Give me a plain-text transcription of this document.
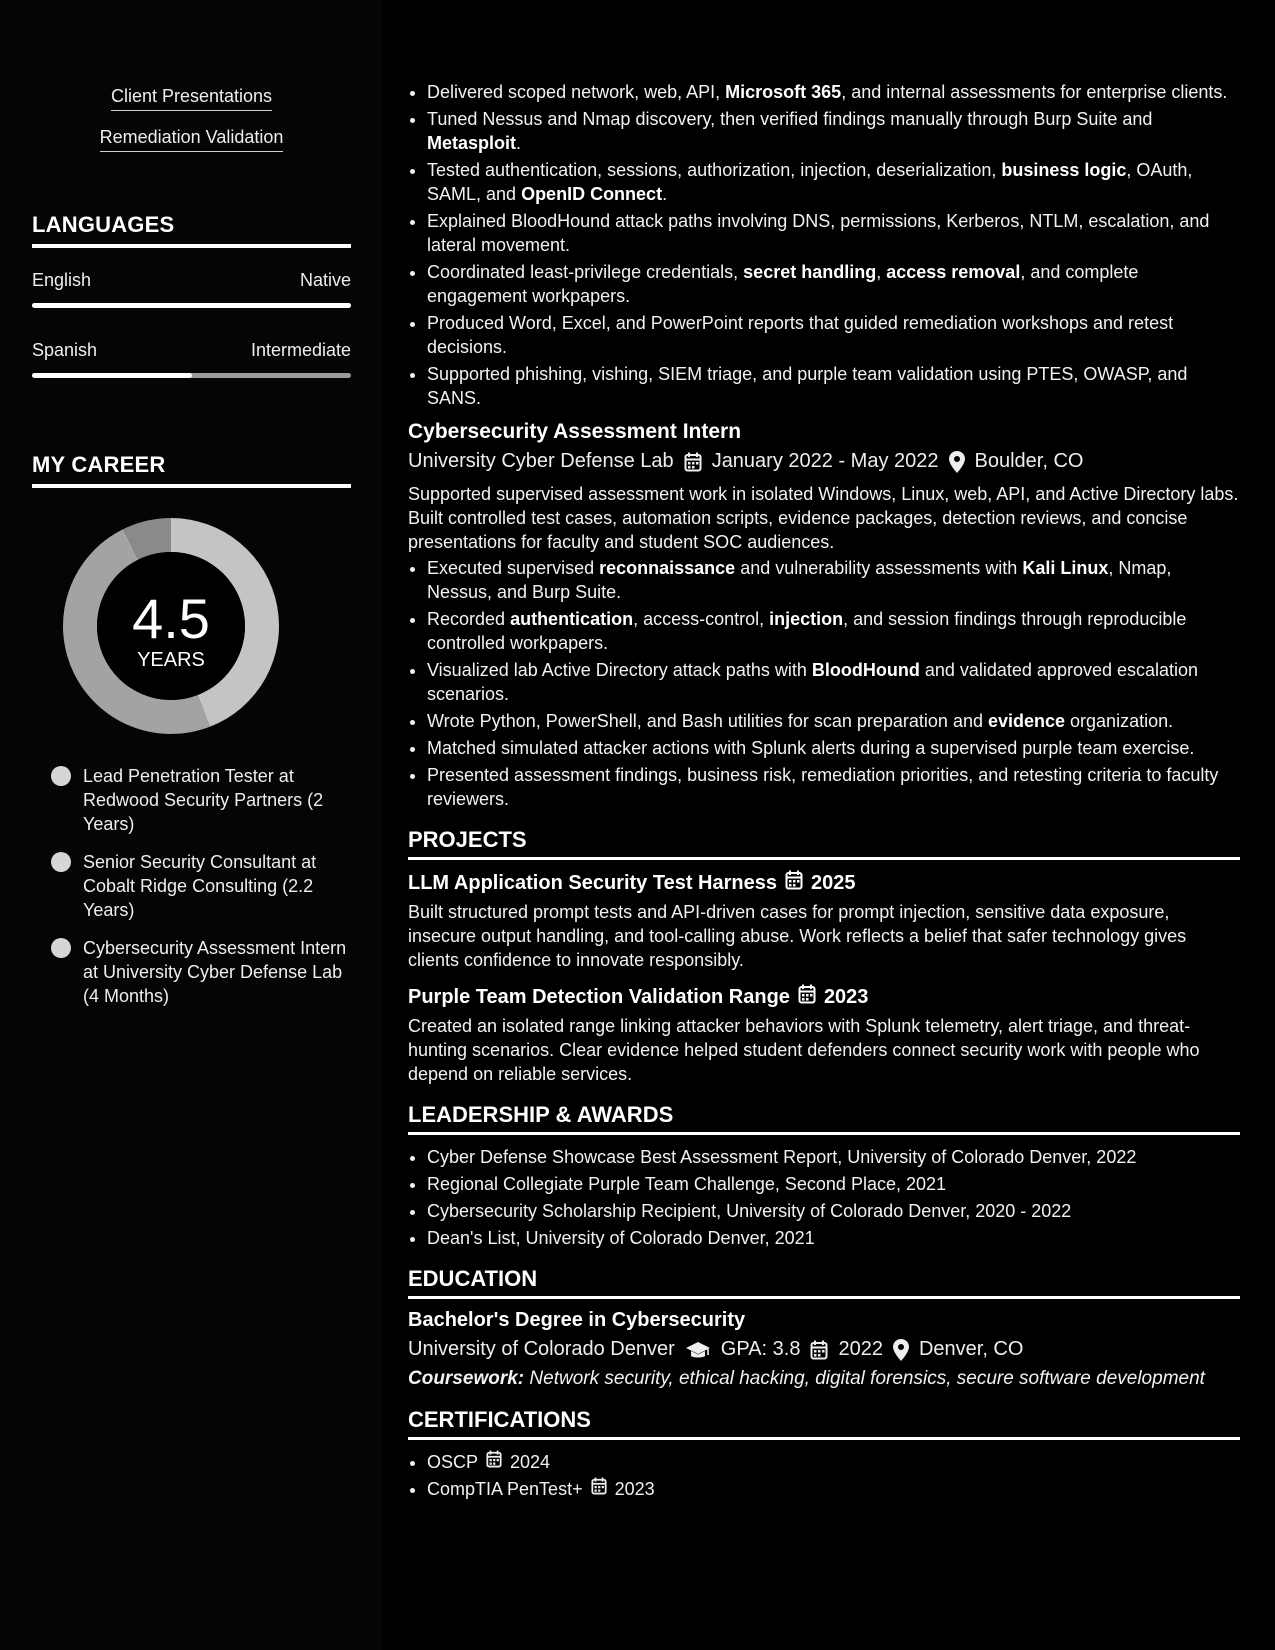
Client Presentations
Remediation Validation
LANGUAGES
English	Native
Spanish	Intermediate
MY CAREER
4.5
YEARS
Lead Penetration Tester at Redwood Security Partners (2 Years)
Senior Security Consultant at Cobalt Ridge Consulting (2.2 Years)
Cybersecurity Assessment Intern at University Cyber Defense Lab (4 Months)
• Delivered scoped network, web, API, Microsoft 365, and internal assessments for enterprise clients.
• Tuned Nessus and Nmap discovery, then verified findings manually through Burp Suite and Metasploit.
• Tested authentication, sessions, authorization, injection, deserialization, business logic, OAuth, SAML, and OpenID Connect.
• Explained BloodHound attack paths involving DNS, permissions, Kerberos, NTLM, escalation, and lateral movement.
• Coordinated least-privilege credentials, secret handling, access removal, and complete engagement workpapers.
• Produced Word, Excel, and PowerPoint reports that guided remediation workshops and retest decisions.
• Supported phishing, vishing, SIEM triage, and purple team validation using PTES, OWASP, and SANS.
Cybersecurity Assessment Intern
University Cyber Defense Lab January 2022 - May 2022 Boulder, CO

Supported supervised assessment work in isolated Windows, Linux, web, API, and Active Directory labs. Built controlled test cases, automation scripts, evidence packages, detection reviews, and concise presentations for faculty and student SOC audiences.

• Executed supervised reconnaissance and vulnerability assessments with Kali Linux, Nmap, Nessus, and Burp Suite.
• Recorded authentication, access-control, injection, and session findings through reproducible controlled workpapers.
• Visualized lab Active Directory attack paths with BloodHound and validated approved escalation scenarios.
• Wrote Python, PowerShell, and Bash utilities for scan preparation and evidence organization.
• Matched simulated attacker actions with Splunk alerts during a supervised purple team exercise.
• Presented assessment findings, business risk, remediation priorities, and retesting criteria to faculty reviewers.
PROJECTS
LLM Application Security Test Harness 2025

Built structured prompt tests and API-driven cases for prompt injection, sensitive data exposure, insecure output handling, and tool-calling abuse. Work reflects a belief that safer technology gives clients confidence to innovate responsibly.

Purple Team Detection Validation Range 2023

Created an isolated range linking attacker behaviors with Splunk telemetry, alert triage, and threat-hunting scenarios. Clear evidence helped student defenders connect security work with people who depend on reliable services.

LEADERSHIP & AWARDS
• Cyber Defense Showcase Best Assessment Report, University of Colorado Denver, 2022
• Regional Collegiate Purple Team Challenge, Second Place, 2021
• Cybersecurity Scholarship Recipient, University of Colorado Denver, 2020 - 2022
• Dean's List, University of Colorado Denver, 2021
EDUCATION
Bachelor's Degree in Cybersecurity
University of Colorado Denver GPA: 3.8 2022 Denver, CO

Coursework: Network security, ethical hacking, digital forensics, secure software development

CERTIFICATIONS
• OSCP 2024
• CompTIA PenTest+ 2023
